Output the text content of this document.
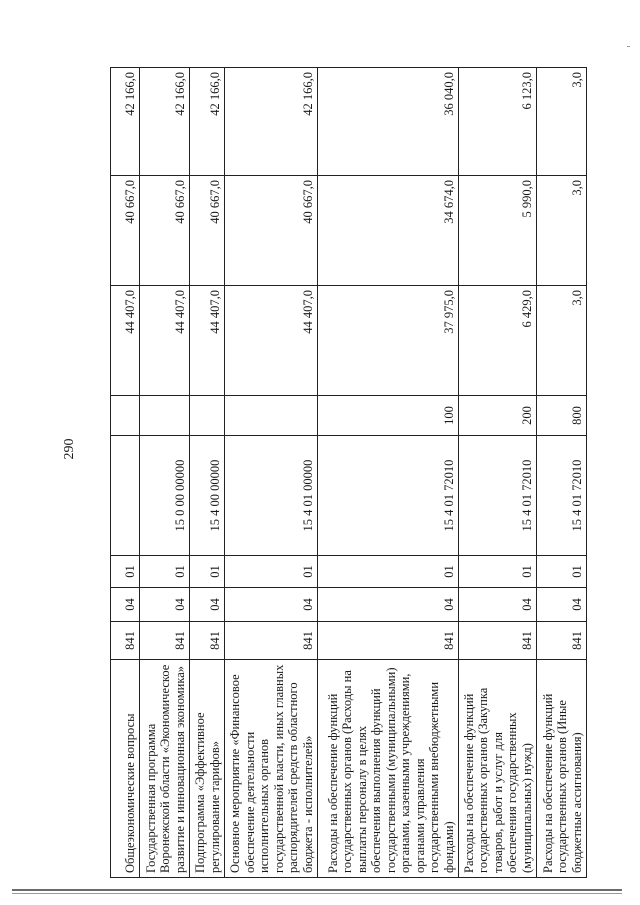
290
Общеэкономические вопросы	841	04	01			44 407,0	40 667,0	42 166,0
Государственная программа Воронежской области «Экономическое развитие и инновационная экономика»	841	04	01	15 0 00 00000		44 407,0	40 667,0	42 166,0
Подпрограмма «Эффективное регулирование тарифов»	841	04	01	15 4 00 00000		44 407,0	40 667,0	42 166,0
Основное мероприятие «Финансовое обеспечение деятельности исполнительных органов государственной власти, иных главных распорядителей средств областного бюджета - исполнителей»	841	04	01	15 4 01 00000		44 407,0	40 667,0	42 166,0
Расходы на обеспечение функций государственных органов (Расходы на выплаты персоналу в целях обеспечения выполнения функций государственными (муниципальными) органами, казенными учреждениями, органами управления государственными внебюджетными фондами)	841	04	01	15 4 01 72010	100	37 975,0	34 674,0	36 040,0
Расходы на обеспечение функций государственных органов (Закупка товаров, работ и услуг для обеспечения государственных (муниципальных) нужд)	841	04	01	15 4 01 72010	200	6 429,0	5 990,0	6 123,0
Расходы на обеспечение функций государственных органов (Иные бюджетные ассигнования)	841	04	01	15 4 01 72010	800	3,0	3,0	3,0
